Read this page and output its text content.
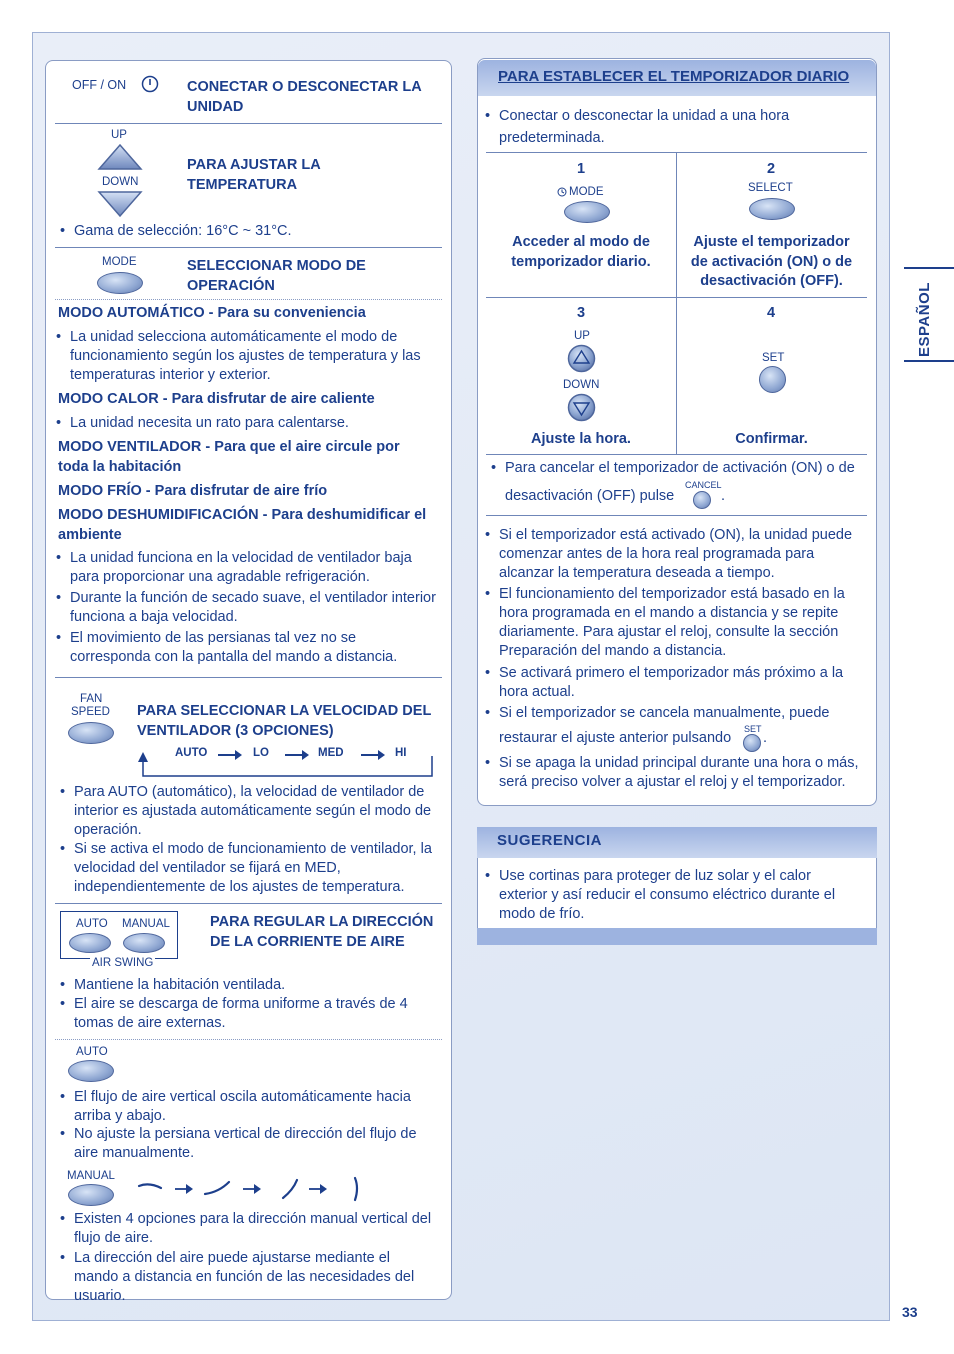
ESPAÑOL
33
OFF / ON	CONECTAR O DESCONECTAR LA UNIDAD
UP
DOWN
PARA AJUSTAR LA TEMPERATURA
• Gama de selección: 16°C ~ 31°C.
MODE	SELECCIONAR MODO DE OPERACIÓN
MODO AUTOMÁTICO - Para su conveniencia
• La unidad selecciona automáticamente el modo de funcionamiento según los ajustes de temperatura y las temperaturas interior y exterior.
MODO CALOR - Para disfrutar de aire caliente
• La unidad necesita un rato para calentarse.
MODO VENTILADOR - Para que el aire circule por toda la habitación
MODO FRÍO - Para disfrutar de aire frío
MODO DESHUMIDIFICACIÓN - Para deshumidificar el ambiente
• La unidad funciona en la velocidad de ventilador baja para proporcionar una agradable refrigeración.
• Durante la función de secado suave, el ventilador interior funciona a baja velocidad.
• El movimiento de las persianas tal vez no se corresponda con la pantalla del mando a distancia.
FAN
SPEED PARA SELECCIONAR LA VELOCIDAD DEL VENTILADOR (3 OPCIONES)
AUTO	LO	MED	HI
• Para AUTO (automático), la velocidad de ventilador de interior es ajustada automáticamente según el modo de operación.
• Si se activa el modo de funcionamiento de ventilador, la velocidad del ventilador se fijará en MED, independientemente de los ajustes de temperatura.
AUTO MANUAL
AIR SWING
PARA REGULAR LA DIRECCIÓN DE LA CORRIENTE DE AIRE
• Mantiene la habitación ventilada.
• El aire se descarga de forma uniforme a través de 4 tomas de aire externas.
AUTO
• El flujo de aire vertical oscila automáticamente hacia arriba y abajo.
• No ajuste la persiana vertical de dirección del flujo de aire manualmente.
MANUAL
• Existen 4 opciones para la dirección manual vertical del flujo de aire.
• La dirección del aire puede ajustarse mediante el mando a distancia en función de las necesidades del usuario.
PARA ESTABLECER EL TEMPORIZADOR DIARIO
• Conectar o desconectar la unidad a una hora predeterminada.
1
MODE
Acceder al modo de temporizador diario.
2
SELECT
Ajuste el temporizador de activación (ON) o de desactivación (OFF).
3
UP
DOWN
Ajuste la hora.
4
SET
Confirmar.
• Para cancelar el temporizador de activación (ON) o de
desactivación (OFF) pulse
CANCEL
.
• Si el temporizador está activado (ON), la unidad puede comenzar antes de la hora real programada para alcanzar la temperatura deseada a tiempo.
• El funcionamiento del temporizador está basado en la hora programada en el mando a distancia y se repite diariamente. Para ajustar el reloj, consulte la sección Preparación del mando a distancia.
• Se activará primero el temporizador más próximo a la hora actual.
• Si el temporizador se cancela manualmente, puede
restaurar el ajuste anterior pulsando
SET
.
• Si se apaga la unidad principal durante una hora o más, será preciso volver a ajustar el reloj y el temporizador.
SUGERENCIA
• Use cortinas para proteger de luz solar y el calor exterior y así reducir el consumo eléctrico durante el modo de frío.
